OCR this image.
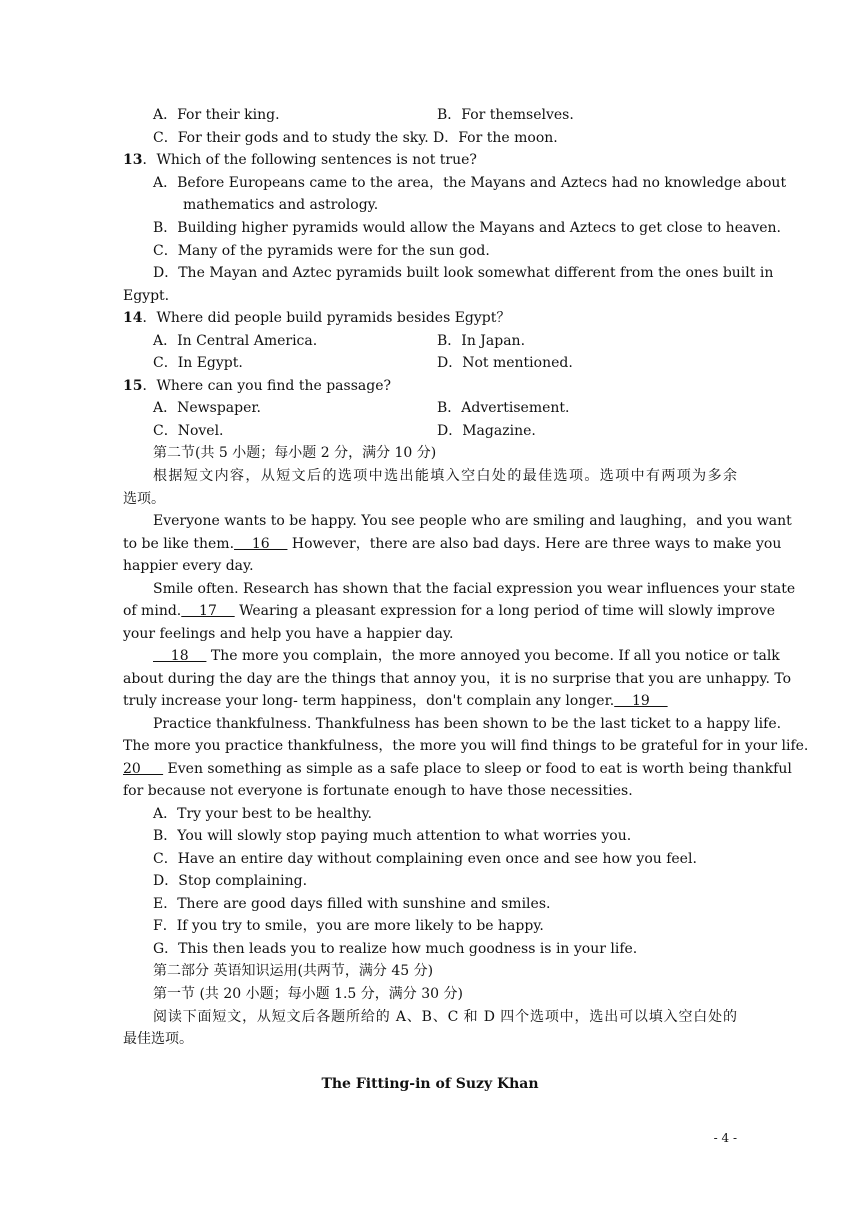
A．For their king.	B．For themselves.
C．For their gods and to study the sky. D．For the moon.
13．Which of the following sentences is not true?
A．Before Europeans came to the area，the Mayans and Aztecs had no knowledge about
mathematics and astrology.
B．Building higher pyramids would allow the Mayans and Aztecs to get close to heaven.
C．Many of the pyramids were for the sun god.
D．The Mayan and Aztec pyramids built look somewhat different from the ones built in
Egypt.
14．Where did people build pyramids besides Egypt？
A．In Central America.	B．In Japan.
C．In Egypt.	D．Not mentioned.
15．Where can you find the passage?
A．Newspaper.	B．Advertisement.
C．Novel.	D．Magazine.
第二节(共 5 小题；每小题 2 分，满分 10 分)
根据短文内容，从短文后的选项中选出能填入空白处的最佳选项。选项中有两项为多余
选项。
Everyone wants to be happy. You see people who are smiling and laughing，and you want
to be like them.    16     However，there are also bad days. Here are three ways to make you
happier every day.
Smile often. Research has shown that the facial expression you wear influences your state
of mind.    17     Wearing a pleasant expression for a long period of time will slowly improve
your feelings and help you have a happier day.
18     The more you complain，the more annoyed you become. If all you notice or talk
about during the day are the things that annoy you，it is no surprise that you are unhappy. To
truly increase your long- term happiness，don't complain any longer.    19
Practice thankfulness. Thankfulness has been shown to be the last ticket to a happy life.
The more you practice thankfulness，the more you will find things to be grateful for in your life.
20      Even something as simple as a safe place to sleep or food to eat is worth being thankful
for because not everyone is fortunate enough to have those necessities.
A．Try your best to be healthy.
B．You will slowly stop paying much attention to what worries you.
C．Have an entire day without complaining even once and see how you feel.
D．Stop complaining.
E．There are good days filled with sunshine and smiles.
F．If you try to smile，you are more likely to be happy.
G．This then leads you to realize how much goodness is in your life.
第二部分 英语知识运用(共两节，满分 45 分)
第一节 (共 20 小题；每小题 1.5 分，满分 30 分)
阅读下面短文，从短文后各题所给的 A、B、C 和 D 四个选项中，选出可以填入空白处的
最佳选项。
The Fitting-in of Suzy Khan
- 4 -
